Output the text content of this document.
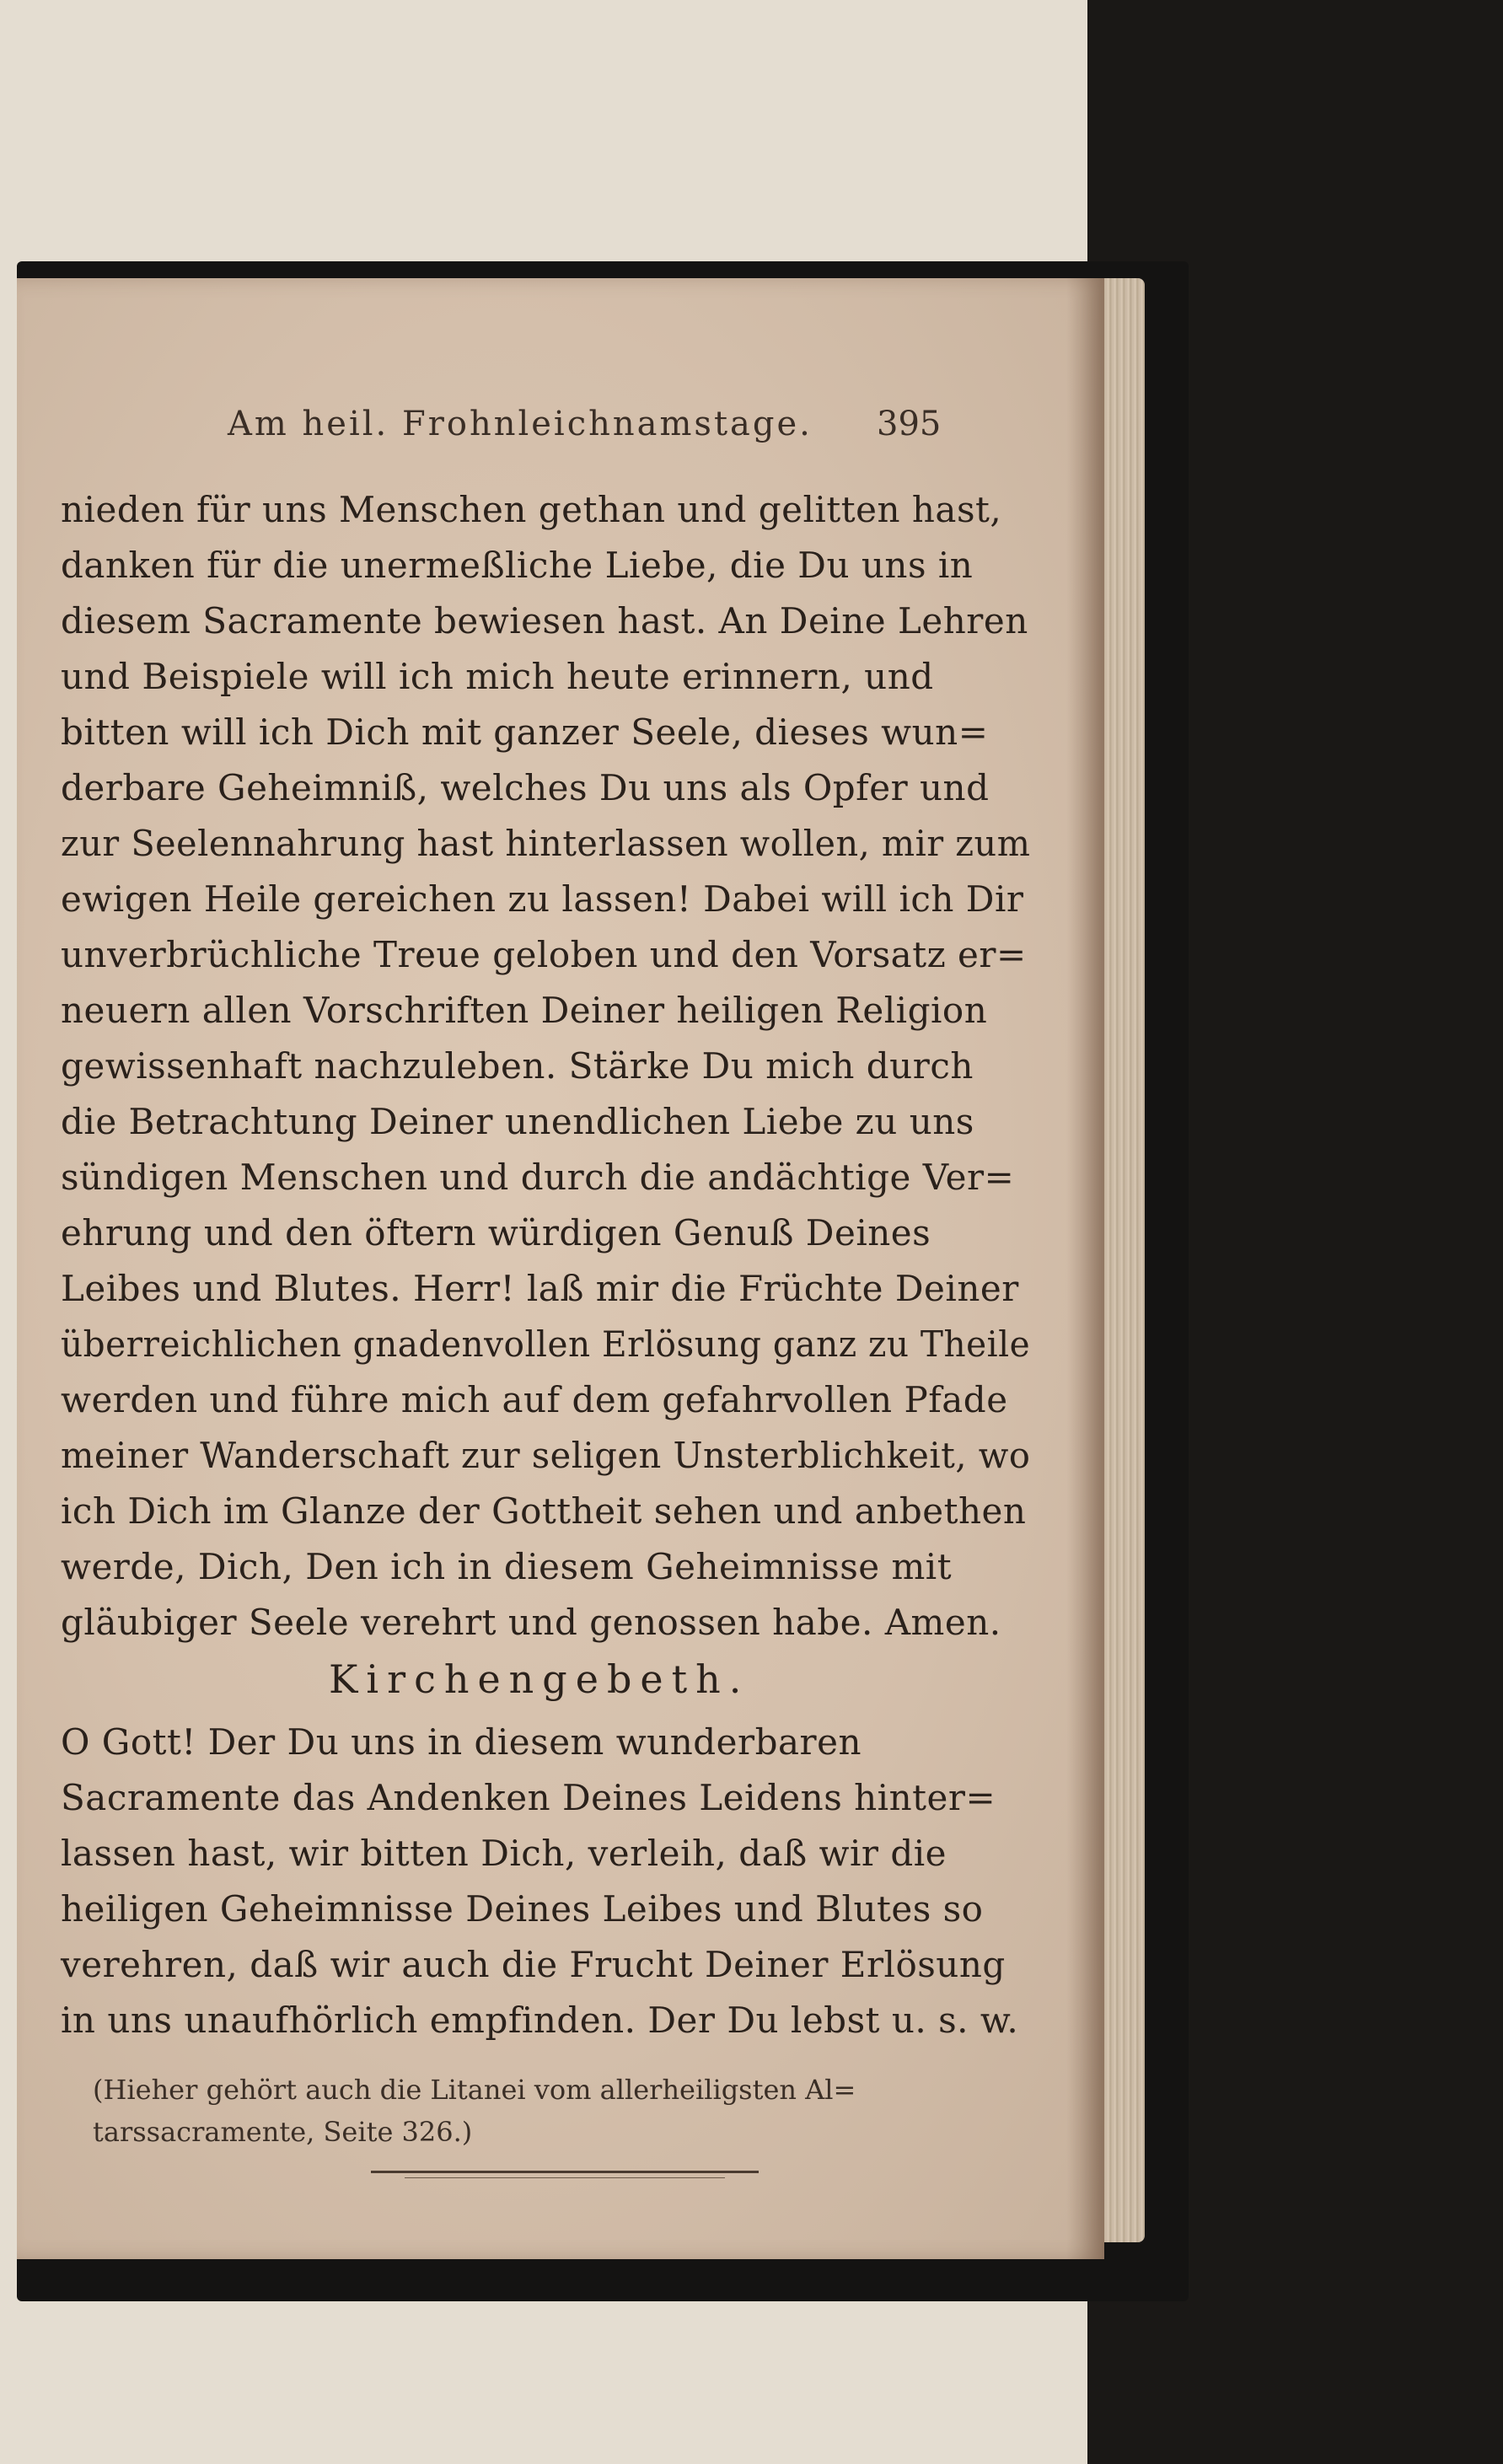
Am heil. Frohnleichnamstage. 395
nieden für uns Menschen gethan und gelitten hast,
danken für die unermeßliche Liebe, die Du uns in
diesem Sacramente bewiesen hast. An Deine Lehren
und Beispiele will ich mich heute erinnern, und
bitten will ich Dich mit ganzer Seele, dieses wun=
derbare Geheimniß, welches Du uns als Opfer und
zur Seelennahrung hast hinterlassen wollen, mir zum
ewigen Heile gereichen zu lassen! Dabei will ich Dir
unverbrüchliche Treue geloben und den Vorsatz er=
neuern allen Vorschriften Deiner heiligen Religion
gewissenhaft nachzuleben. Stärke Du mich durch
die Betrachtung Deiner unendlichen Liebe zu uns
sündigen Menschen und durch die andächtige Ver=
ehrung und den öftern würdigen Genuß Deines
Leibes und Blutes. Herr! laß mir die Früchte Deiner
überreichlichen gnadenvollen Erlösung ganz zu Theile
werden und führe mich auf dem gefahrvollen Pfade
meiner Wanderschaft zur seligen Unsterblichkeit, wo
ich Dich im Glanze der Gottheit sehen und anbethen
werde, Dich, Den ich in diesem Geheimnisse mit
gläubiger Seele verehrt und genossen habe. Amen.
Kirchengebeth.
O Gott! Der Du uns in diesem wunderbaren
Sacramente das Andenken Deines Leidens hinter=
lassen hast, wir bitten Dich, verleih, daß wir die
heiligen Geheimnisse Deines Leibes und Blutes so
verehren, daß wir auch die Frucht Deiner Erlösung
in uns unaufhörlich empfinden. Der Du lebst u. s. w.
(Hieher gehört auch die Litanei vom allerheiligsten Al=
tarssacramente, Seite 326.)
